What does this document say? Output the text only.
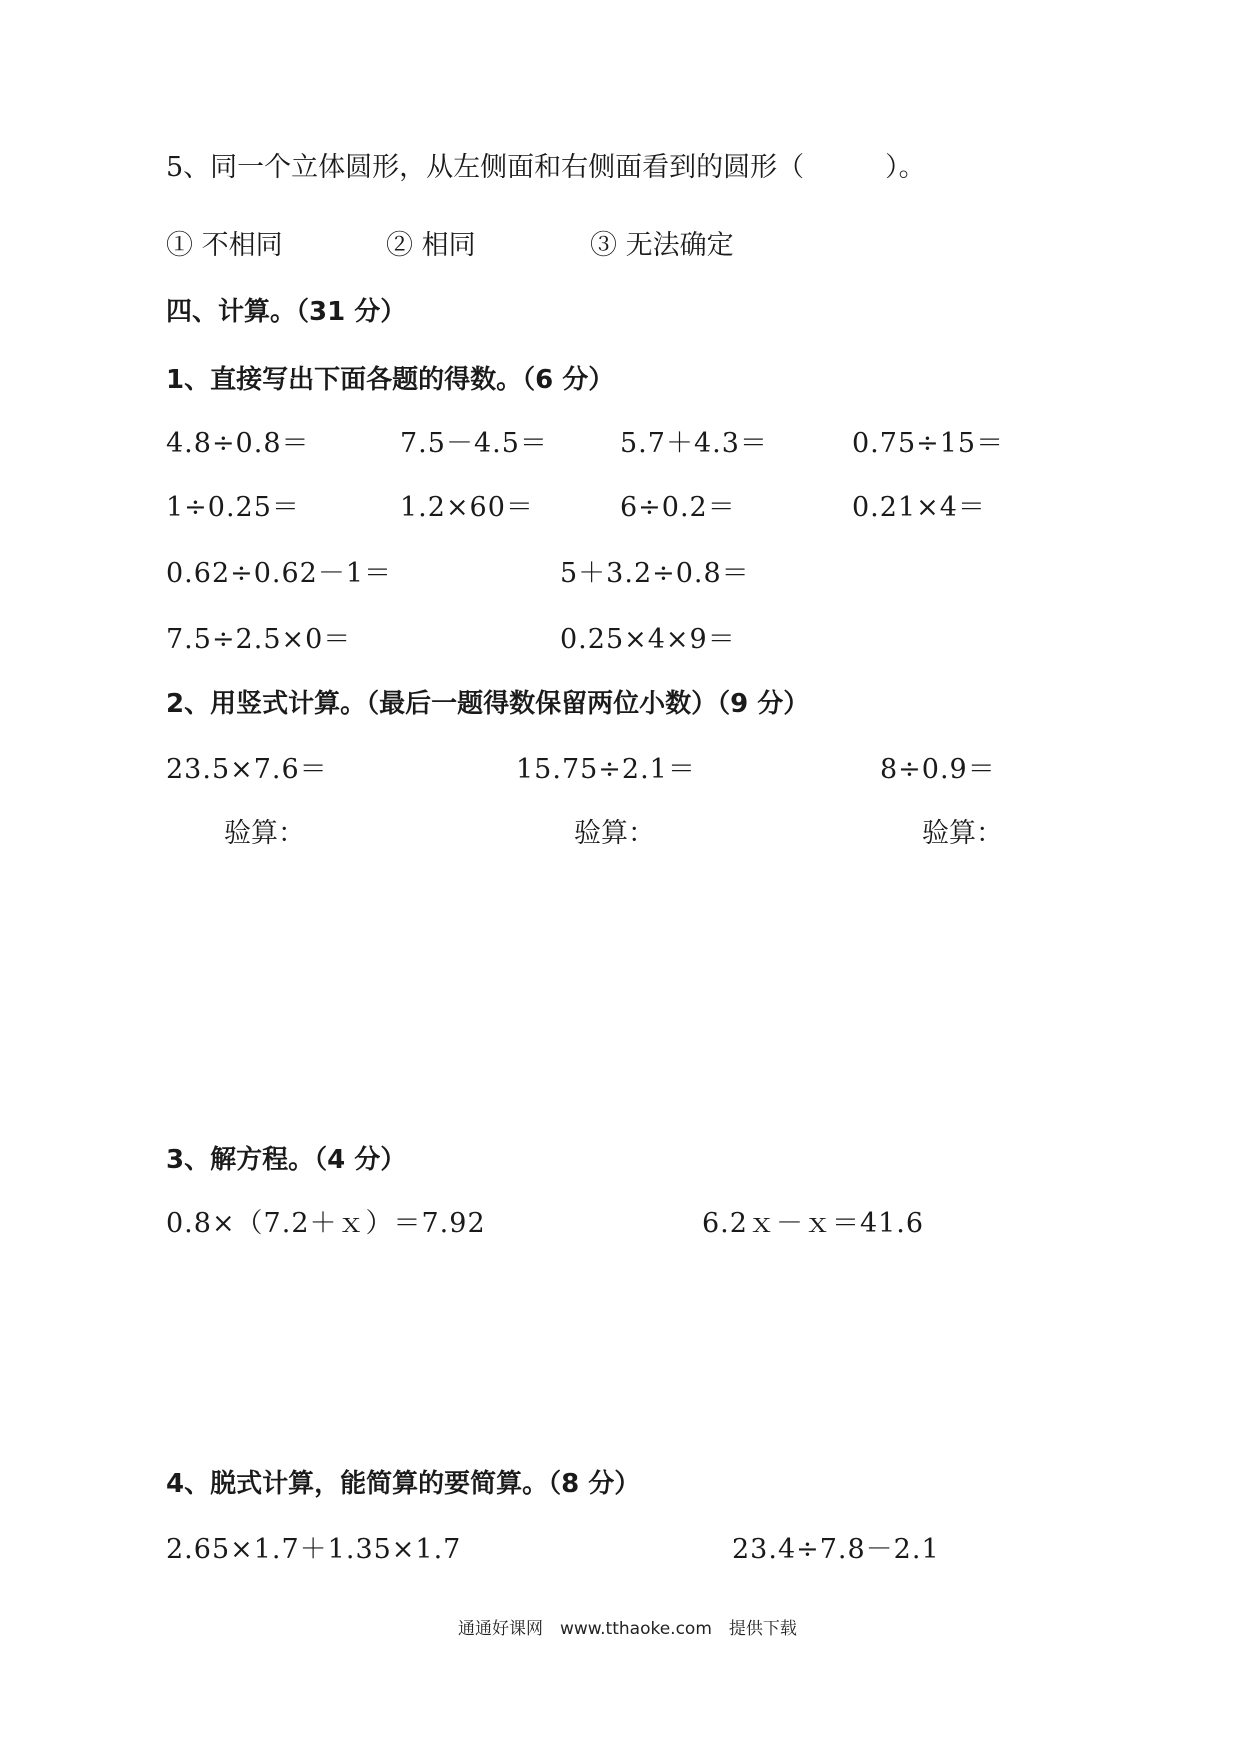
5、同一个立体圆形，从左侧面和右侧面看到的圆形（　　　）。
① 不相同	② 相同	③ 无法确定
四、计算。（31 分）
1、直接写出下面各题的得数。（6 分）
4.8÷0.8＝	7.5－4.5＝	5.7＋4.3＝	0.75÷15＝
1÷0.25＝	1.2×60＝	6÷0.2＝	0.21×4＝
0.62÷0.62－1＝	5＋3.2÷0.8＝
7.5÷2.5×0＝	0.25×4×9＝
2、用竖式计算。（最后一题得数保留两位小数）（9 分）
23.5×7.6＝	15.75÷2.1＝	8÷0.9＝
验算：	验算：	验算：
3、解方程。（4 分）
0.8×（7.2＋ｘ）＝7.92	6.2ｘ－ｘ＝41.6
4、脱式计算，能简算的要简算。（8 分）
2.65×1.7＋1.35×1.7	23.4÷7.8－2.1
通通好课网　www.tthaoke.com　提供下载
